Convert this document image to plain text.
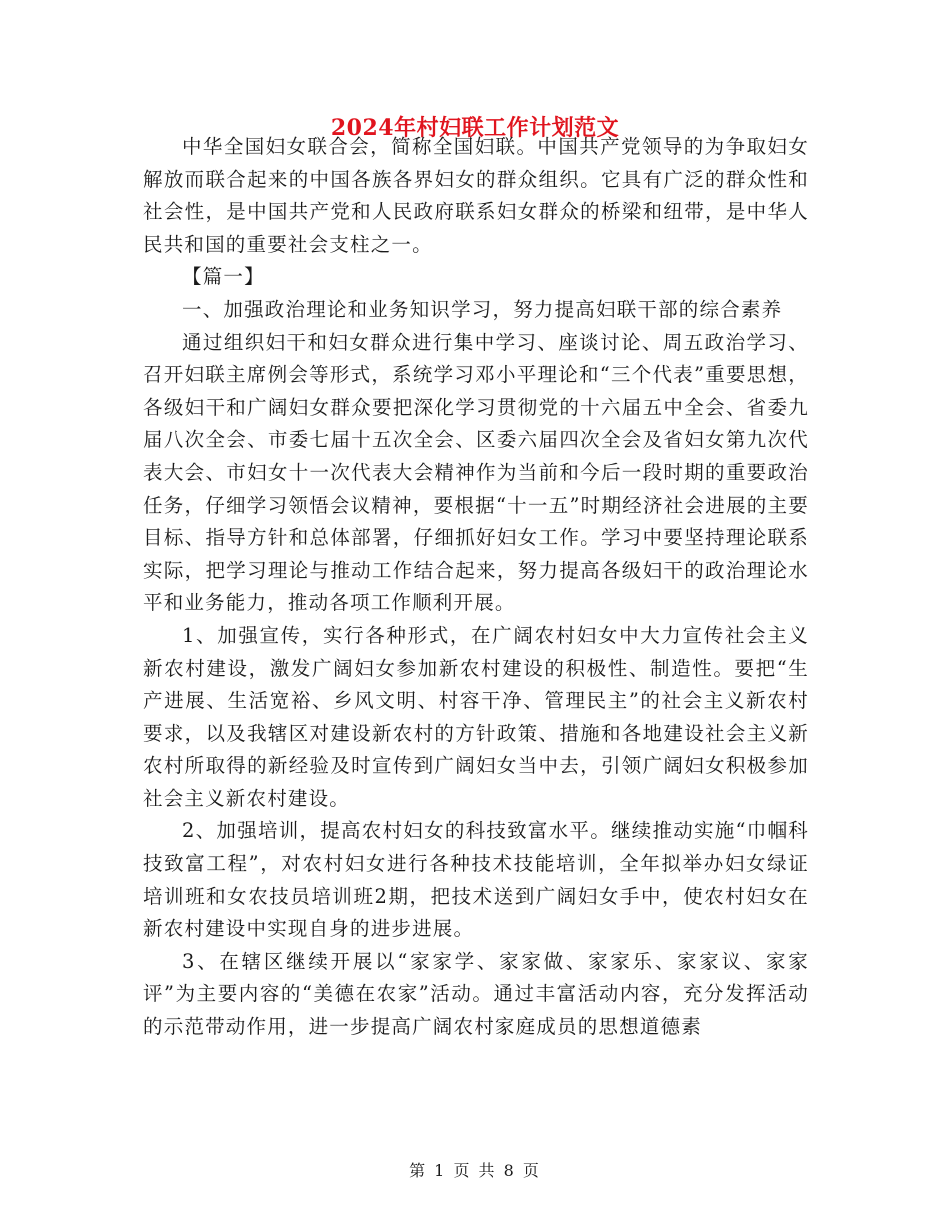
2024年村妇联工作计划范文

中华全国妇女联合会，简称全国妇联。中国共产党领导的为争取妇女解放而联合起来的中国各族各界妇女的群众组织。它具有广泛的群众性和社会性，是中国共产党和人民政府联系妇女群众的桥梁和纽带，是中华人民共和国的重要社会支柱之一。

【篇一】

一、加强政治理论和业务知识学习，努力提高妇联干部的综合素养

通过组织妇干和妇女群众进行集中学习、座谈讨论、周五政治学习、召开妇联主席例会等形式，系统学习邓小平理论和“三个代表”重要思想，各级妇干和广阔妇女群众要把深化学习贯彻党的十六届五中全会、省委九届八次全会、市委七届十五次全会、区委六届四次全会及省妇女第九次代表大会、市妇女十一次代表大会精神作为当前和今后一段时期的重要政治任务，仔细学习领悟会议精神，要根据“十一五”时期经济社会进展的主要目标、指导方针和总体部署，仔细抓好妇女工作。学习中要坚持理论联系实际，把学习理论与推动工作结合起来，努力提高各级妇干的政治理论水平和业务能力，推动各项工作顺利开展。

1、加强宣传，实行各种形式，在广阔农村妇女中大力宣传社会主义新农村建设，激发广阔妇女参加新农村建设的积极性、制造性。要把“生产进展、生活宽裕、乡风文明、村容干净、管理民主”的社会主义新农村要求，以及我辖区对建设新农村的方针政策、措施和各地建设社会主义新农村所取得的新经验及时宣传到广阔妇女当中去，引领广阔妇女积极参加社会主义新农村建设。

2、加强培训，提高农村妇女的科技致富水平。继续推动实施“巾帼科技致富工程”，对农村妇女进行各种技术技能培训，全年拟举办妇女绿证培训班和女农技员培训班2期，把技术送到广阔妇女手中，使农村妇女在新农村建设中实现自身的进步进展。

3、在辖区继续开展以“家家学、家家做、家家乐、家家议、家家评”为主要内容的“美德在农家”活动。通过丰富活动内容，充分发挥活动的示范带动作用，进一步提高广阔农村家庭成员的思想道德素

第 1 页 共 8 页
